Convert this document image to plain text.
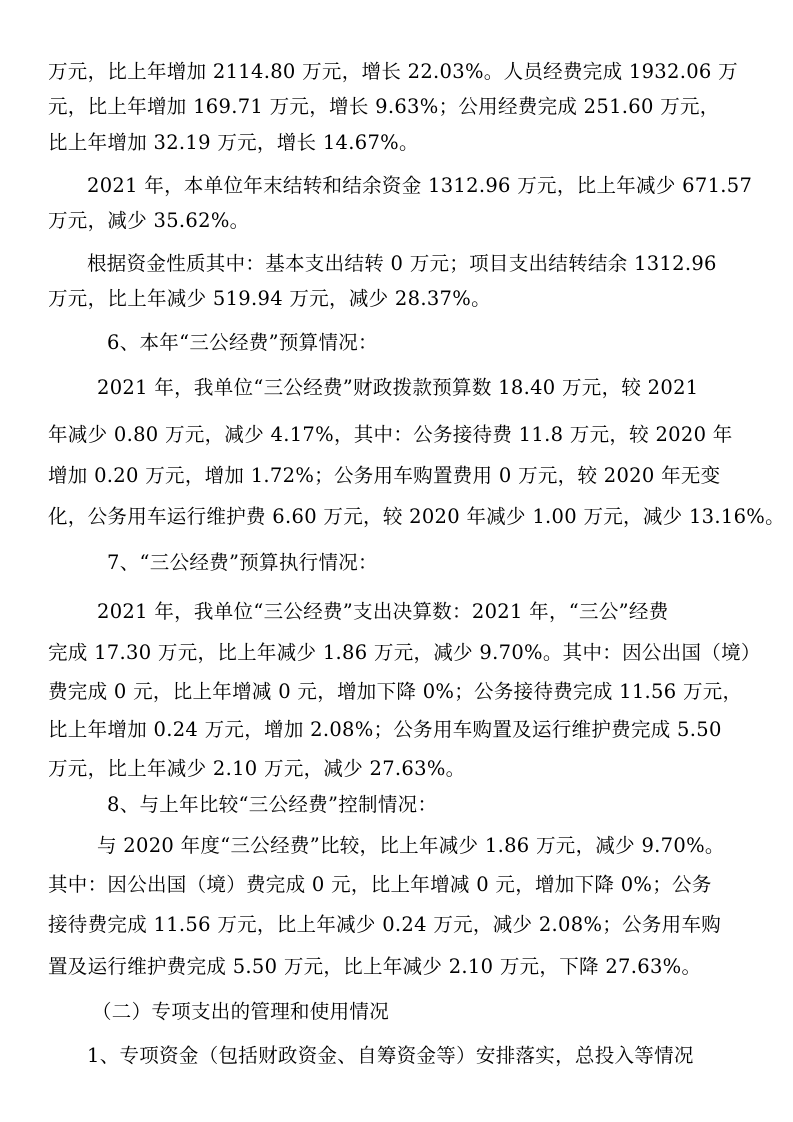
万元，比上年增加 2114.80 万元，增长 22.03%。人员经费完成 1932.06 万
元，比上年增加 169.71 万元，增长 9.63%；公用经费完成 251.60 万元，
比上年增加 32.19 万元，增长 14.67%。
2021 年，本单位年末结转和结余资金 1312.96 万元，比上年减少 671.57
万元，减少 35.62%。
根据资金性质其中：基本支出结转 0 万元；项目支出结转结余 1312.96
万元，比上年减少 519.94 万元，减少 28.37%。
6、本年“三公经费”预算情况：
2021 年，我单位“三公经费”财政拨款预算数 18.40 万元，较 2021
年减少 0.80 万元，减少 4.17%，其中：公务接待费 11.8 万元，较 2020 年
增加 0.20 万元，增加 1.72%；公务用车购置费用 0 万元，较 2020 年无变
化，公务用车运行维护费 6.60 万元，较 2020 年减少 1.00 万元，减少 13.16%。
7、“三公经费”预算执行情况：
2021 年，我单位“三公经费”支出决算数：2021 年，“三公”经费
完成 17.30 万元，比上年减少 1.86 万元，减少 9.70%。其中：因公出国（境）
费完成 0 元，比上年增减 0 元，增加下降 0%；公务接待费完成 11.56 万元，
比上年增加 0.24 万元，增加 2.08%；公务用车购置及运行维护费完成 5.50
万元，比上年减少 2.10 万元，减少 27.63%。
8、与上年比较“三公经费”控制情况：
与 2020 年度“三公经费”比较，比上年减少 1.86 万元，减少 9.70%。
其中：因公出国（境）费完成 0 元，比上年增减 0 元，增加下降 0%；公务
接待费完成 11.56 万元，比上年减少 0.24 万元，减少 2.08%；公务用车购
置及运行维护费完成 5.50 万元，比上年减少 2.10 万元，下降 27.63%。
（二）专项支出的管理和使用情况
1、专项资金（包括财政资金、自筹资金等）安排落实，总投入等情况
